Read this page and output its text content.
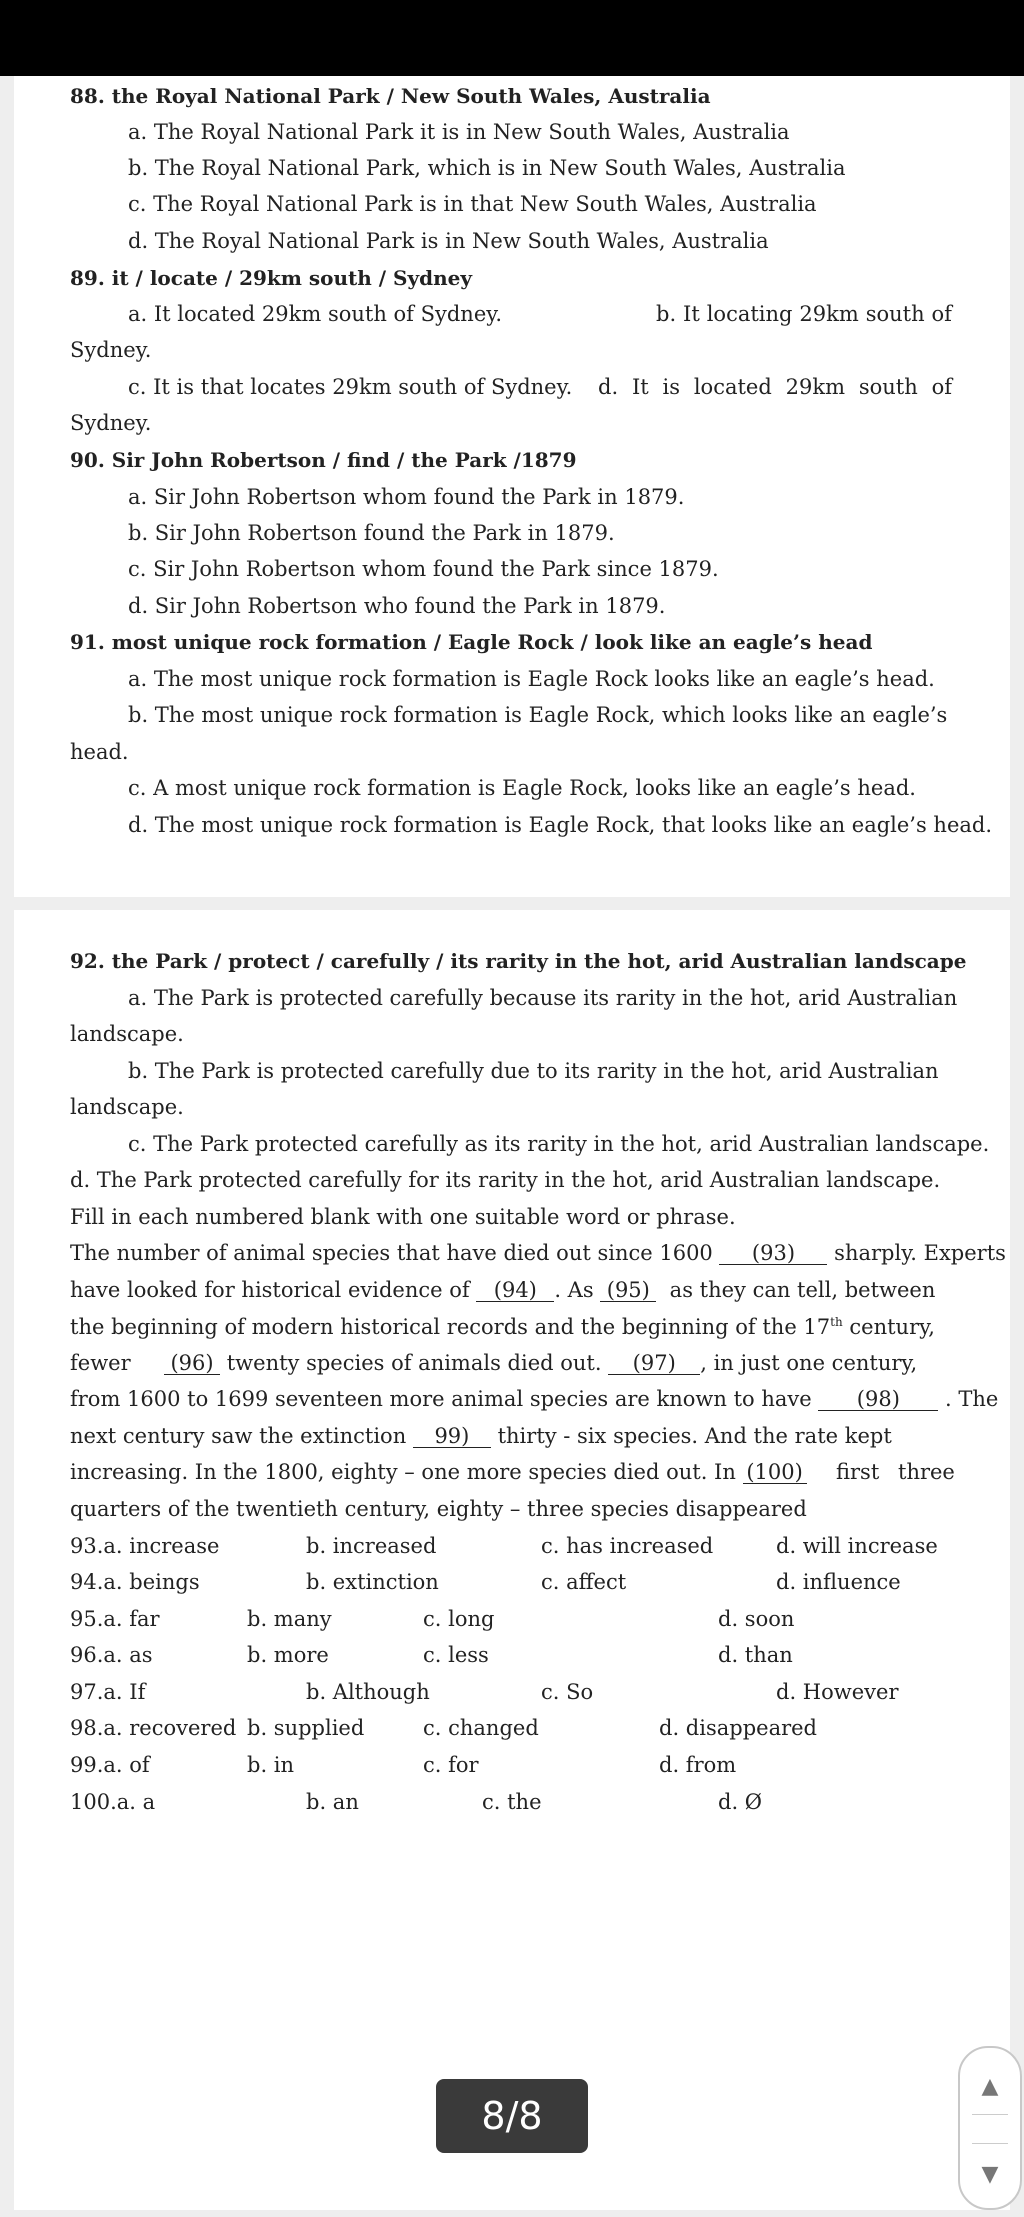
88. the Royal National Park / New South Wales, Australia
a. The Royal National Park it is in New South Wales, Australia
b. The Royal National Park, which is in New South Wales, Australia
c. The Royal National Park is in that New South Wales, Australia
d. The Royal National Park is in New South Wales, Australia
89. it / locate / 29km south / Sydney
a. It located 29km south of Sydney.	b. It locating 29km south of
Sydney.
c. It is that locates 29km south of Sydney. d. It is located 29km south of
Sydney.
90. Sir John Robertson / find / the Park /1879
a. Sir John Robertson whom found the Park in 1879.
b. Sir John Robertson found the Park in 1879.
c. Sir John Robertson whom found the Park since 1879.
d. Sir John Robertson who found the Park in 1879.
91. most unique rock formation / Eagle Rock / look like an eagle’s head
a. The most unique rock formation is Eagle Rock looks like an eagle’s head.
b. The most unique rock formation is Eagle Rock, which looks like an eagle’s
head.
c. A most unique rock formation is Eagle Rock, looks like an eagle’s head.
d. The most unique rock formation is Eagle Rock, that looks like an eagle’s head.
92. the Park / protect / carefully / its rarity in the hot, arid Australian landscape
a. The Park is protected carefully because its rarity in the hot, arid Australian
landscape.
b. The Park is protected carefully due to its rarity in the hot, arid Australian
landscape.
c. The Park protected carefully as its rarity in the hot, arid Australian landscape.
d. The Park protected carefully for its rarity in the hot, arid Australian landscape.
Fill in each numbered blank with one suitable word or phrase.
The number of animal species that have died out since 1600 (93) sharply. Experts
have looked for historical evidence of (94) . As (95) as they can tell, between
the beginning of modern historical records and the beginning of the 17th century,
fewer (96) twenty species of animals died out. (97) , in just one century,
from 1600 to 1699 seventeen more animal species are known to have (98) . The
next century saw the extinction 99) thirty - six species. And the rate kept
increasing. In the 1800, eighty – one more species died out. In (100) first three
quarters of the twentieth century, eighty – three species disappeared
93.a. increase	b. increased	c. has increased	d. will increase
94.a. beings	b. extinction	c. affect	d. influence
95.a. far	b. many	c. long	d. soon
96.a. as	b. more	c. less	d. than
97.a. If	b. Although	c. So	d. However
98.a. recovered b. supplied	c. changed	d. disappeared
99.a. of	b. in	c. for	d. from
100.a. a	b. an	c. the	d. Ø
8/8
▲
▼
